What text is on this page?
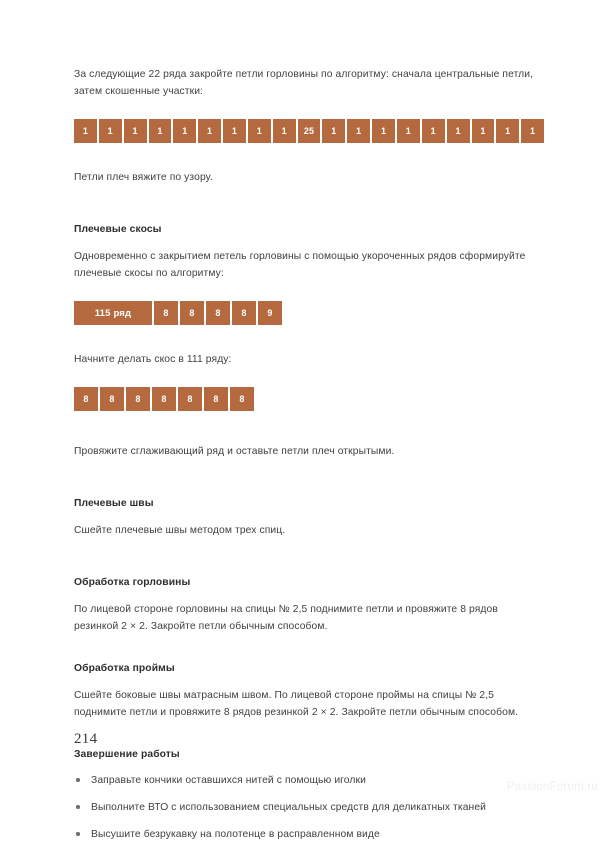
За следующие 22 ряда закройте петли горловины по алгоритму: сначала центральные петли, затем скошенные участки:

1	1	1	1	1	1	1	1	1	25	1	1	1	1	1	1	1	1	1

Петли плеч вяжите по узору.

Плечевые скосы

Одновременно с закрытием петель горловины с помощью укороченных рядов сформируйте плечевые скосы по алгоритму:

115 ряд	8	8	8	8	9

Начните делать скос в 111 ряду:

8	8	8	8	8	8	8

Провяжите сглаживающий ряд и оставьте петли плеч открытыми.

Плечевые швы

Сшейте плечевые швы методом трех спиц.

Обработка горловины

По лицевой стороне горловины на спицы № 2,5 поднимите петли и провяжите 8 рядов резинкой 2 × 2. Закройте петли обычным способом.

Обработка проймы

Сшейте боковые швы матрасным швом. По лицевой стороне проймы на спицы № 2,5 поднимите петли и провяжите 8 рядов резинкой 2 × 2. Закройте петли обычным способом.

Завершение работы
Заправьте кончики оставшихся нитей с помощью иголки
Выполните ВТО с использованием специальных средств для деликатных тканей
Высушите безрукавку на полотенце в расправленном виде
214
PassionForum.ru
